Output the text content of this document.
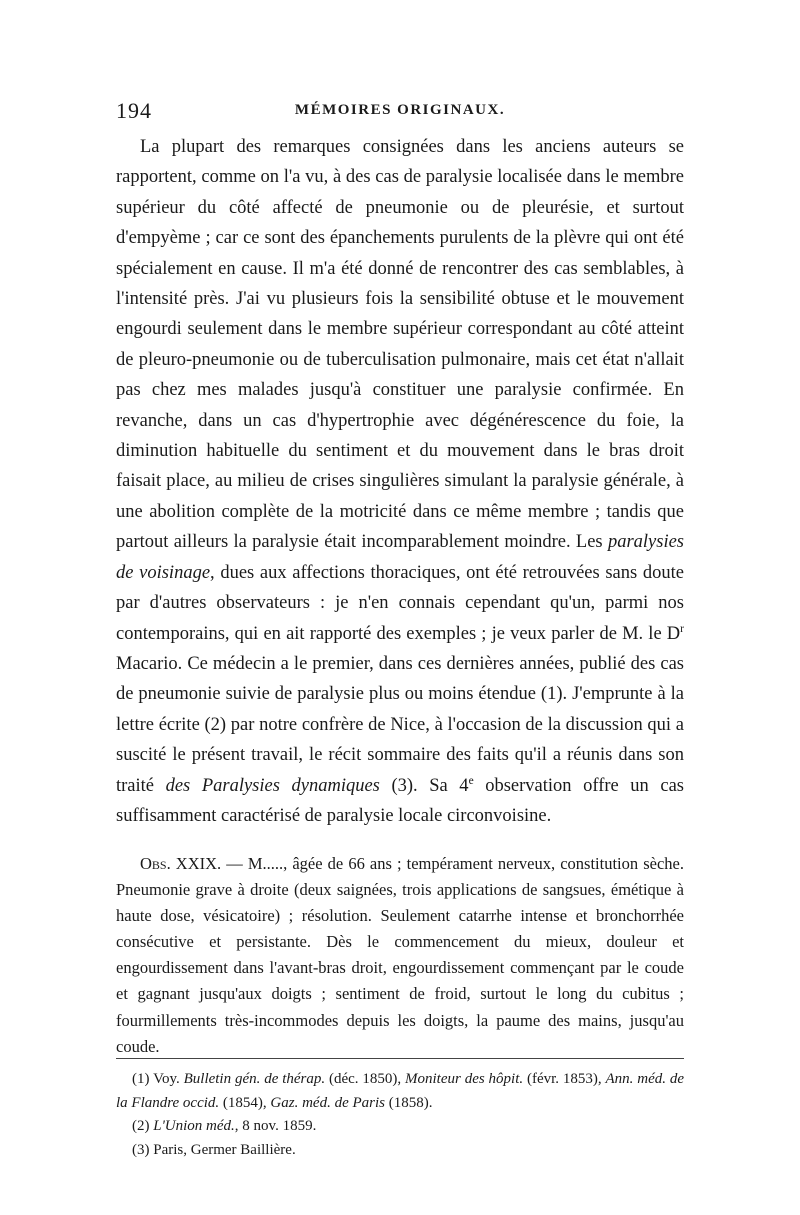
194	MÉMOIRES ORIGINAUX.

La plupart des remarques consignées dans les anciens auteurs se rapportent, comme on l'a vu, à des cas de paralysie localisée dans le membre supérieur du côté affecté de pneumonie ou de pleurésie, et surtout d'empyème ; car ce sont des épanchements purulents de la plèvre qui ont été spécialement en cause. Il m'a été donné de rencontrer des cas semblables, à l'intensité près. J'ai vu plusieurs fois la sensibilité obtuse et le mouvement engourdi seulement dans le membre supérieur correspondant au côté atteint de pleuro-pneumonie ou de tuberculisation pulmonaire, mais cet état n'allait pas chez mes malades jusqu'à constituer une paralysie confirmée. En revanche, dans un cas d'hypertrophie avec dégénérescence du foie, la diminution habituelle du sentiment et du mouvement dans le bras droit faisait place, au milieu de crises singulières simulant la paralysie générale, à une abolition complète de la motricité dans ce même membre ; tandis que partout ailleurs la paralysie était incomparablement moindre. Les paralysies de voisinage, dues aux affections thoraciques, ont été retrouvées sans doute par d'autres observateurs : je n'en connais cependant qu'un, parmi nos contemporains, qui en ait rapporté des exemples ; je veux parler de M. le $D^r$ Macario. Ce médecin a le premier, dans ces dernières années, publié des cas de pneumonie suivie de paralysie plus ou moins étendue (1). J'emprunte à la lettre écrite (2) par notre confrère de Nice, à l'occasion de la discussion qui a suscité le présent travail, le récit sommaire des faits qu'il a réunis dans son traité des Paralysies dynamiques (3). Sa 4e observation offre un cas suffisamment caractérisé de paralysie locale circonvoisine.

Obs. XXIX. — M....., âgée de 66 ans ; tempérament nerveux, constitution sèche. Pneumonie grave à droite (deux saignées, trois applications de sangsues, émétique à haute dose, vésicatoire) ; résolution. Seulement catarrhe intense et bronchorrhée consécutive et persistante. Dès le commencement du mieux, douleur et engourdissement dans l'avant-bras droit, engourdissement commençant par le coude et gagnant jusqu'aux doigts ; sentiment de froid, surtout le long du cubitus ; fourmillements très-incommodes depuis les doigts, la paume des mains, jusqu'au coude.

(1) Voy. Bulletin gén. de thérap. (déc. 1850), Moniteur des hôpit. (févr. 1853), Ann. méd. de la Flandre occid. (1854), Gaz. méd. de Paris (1858).

(2) L'Union méd., 8 nov. 1859.

(3) Paris, Germer Baillière.
